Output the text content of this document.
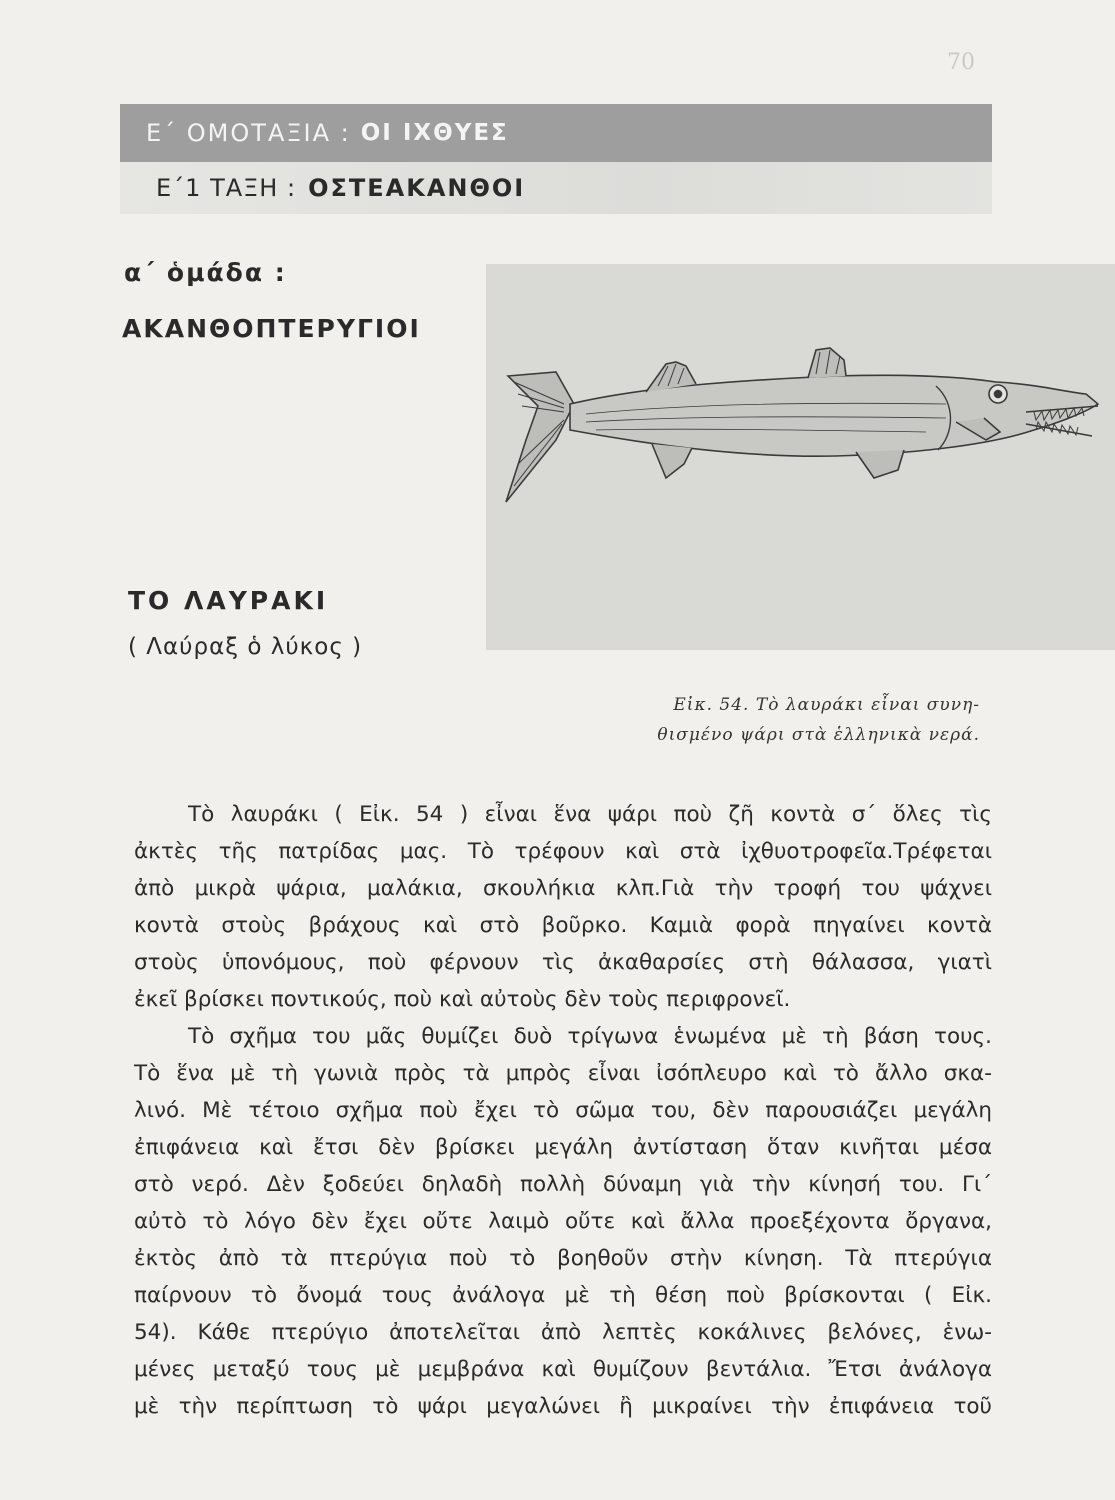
70
Ε΄ ΟΜΟΤΑΞΙΑ : ΟΙ ΙΧΘΥΕΣ
Ε΄1 ΤΑΞΗ : ΟΣΤΕΑΚΑΝΘΟΙ
α΄ ὁμάδα :
ΑΚΑΝΘΟΠΤΕΡΥΓΙΟΙ
ΤΟ ΛΑΥΡΑΚΙ
( Λαύραξ ὁ λύκος )
Εἰκ. 54. Τὸ λαυράκι εἶναι συνη-
θισμένο ψάρι στὰ ἑλληνικὰ νερά.
Τὸ λαυράκι ( Εἰκ. 54 ) εἶναι ἕνα ψάρι ποὺ ζῆ κοντὰ σ΄ ὅλες τὶς
ἀκτὲς τῆς πατρίδας μας. Τὸ τρέφουν καὶ στὰ ἰχθυοτροφεῖα.Τρέφεται
ἀπὸ μικρὰ ψάρια, μαλάκια, σκουλήκια κλπ.Γιὰ τὴν τροφή του ψάχνει
κοντὰ στοὺς βράχους καὶ στὸ βοῦρκο. Καμιὰ φορὰ πηγαίνει κοντὰ
στοὺς ὑπονόμους, ποὺ φέρνουν τὶς ἀκαθαρσίες στὴ θάλασσα, γιατὶ
ἐκεῖ βρίσκει ποντικούς, ποὺ καὶ αὐτοὺς δὲν τοὺς περιφρονεῖ.
Τὸ σχῆμα του μᾶς θυμίζει δυὸ τρίγωνα ἑνωμένα μὲ τὴ βάση τους.
Τὸ ἕνα μὲ τὴ γωνιὰ πρὸς τὰ μπρὸς εἶναι ἰσόπλευρο καὶ τὸ ἄλλο σκα-
λινό. Μὲ τέτοιο σχῆμα ποὺ ἔχει τὸ σῶμα του, δὲν παρουσιάζει μεγάλη
ἐπιφάνεια καὶ ἔτσι δὲν βρίσκει μεγάλη ἀντίσταση ὅταν κινῆται μέσα
στὸ νερό. Δὲν ξοδεύει δηλαδὴ πολλὴ δύναμη γιὰ τὴν κίνησή του. Γι΄
αὐτὸ τὸ λόγο δὲν ἔχει οὔτε λαιμὸ οὔτε καὶ ἄλλα προεξέχοντα ὄργανα,
ἐκτὸς ἀπὸ τὰ πτερύγια ποὺ τὸ βοηθοῦν στὴν κίνηση. Τὰ πτερύγια
παίρνουν τὸ ὄνομά τους ἀνάλογα μὲ τὴ θέση ποὺ βρίσκονται ( Εἰκ.
54). Κάθε πτερύγιο ἀποτελεῖται ἀπὸ λεπτὲς κοκάλινες βελόνες, ἑνω-
μένες μεταξύ τους μὲ μεμβράνα καὶ θυμίζουν βεντάλια. Ἔτσι ἀνάλογα
μὲ τὴν περίπτωση τὸ ψάρι μεγαλώνει ἢ μικραίνει τὴν ἐπιφάνεια τοῦ
